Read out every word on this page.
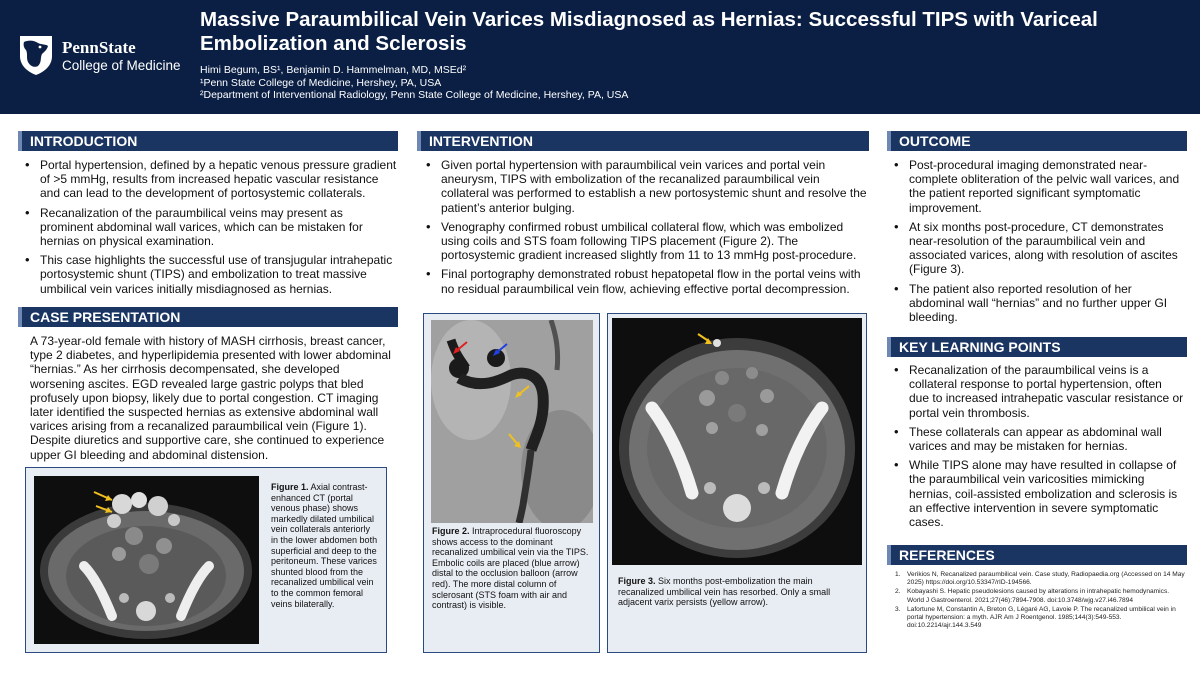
PennState
College of Medicine
Massive Paraumbilical Vein Varices Misdiagnosed as Hernias: Successful TIPS with Variceal Embolization and Sclerosis
Himi Begum, BS¹, Benjamin D. Hammelman, MD, MSEd²
¹Penn State College of Medicine, Hershey, PA, USA
²Department of Interventional Radiology, Penn State College of Medicine, Hershey, PA, USA
INTRODUCTION
• Portal hypertension, defined by a hepatic venous pressure gradient of >5 mmHg, results from increased hepatic vascular resistance and can lead to the development of portosystemic collaterals.
• Recanalization of the paraumbilical veins may present as prominent abdominal wall varices, which can be mistaken for hernias on physical examination.
• This case highlights the successful use of transjugular intrahepatic portosystemic shunt (TIPS) and embolization to treat massive umbilical vein varices initially misdiagnosed as hernias.
CASE PRESENTATION
A 73-year-old female with history of MASH cirrhosis, breast cancer, type 2 diabetes, and hyperlipidemia presented with lower abdominal “hernias.” As her cirrhosis decompensated, she developed worsening ascites. EGD revealed large gastric polyps that bled profusely upon biopsy, likely due to portal congestion. CT imaging later identified the suspected hernias as extensive abdominal wall varices arising from a recanalized paraumbilical vein (Figure 1). Despite diuretics and supportive care, she continued to experience upper GI bleeding and abdominal distension.
Figure 1. Axial contrast-enhanced CT (portal venous phase) shows markedly dilated umbilical vein collaterals anteriorly in the lower abdomen both superficial and deep to the peritoneum. These varices shunted blood from the recanalized umbilical vein to the common femoral veins bilaterally.
INTERVENTION
• Given portal hypertension with paraumbilical vein varices and portal vein aneurysm, TIPS with embolization of the recanalized paraumbilical vein collateral was performed to establish a new portosystemic shunt and resolve the patient’s anterior bulging.
• Venography confirmed robust umbilical collateral flow, which was embolized using coils and STS foam following TIPS placement (Figure 2). The portosystemic gradient increased slightly from 11 to 13 mmHg post-procedure.
• Final portography demonstrated robust hepatopetal flow in the portal veins with no residual paraumbilical vein flow, achieving effective portal decompression.
Figure 2. Intraprocedural fluoroscopy shows access to the dominant recanalized umbilical vein via the TIPS. Embolic coils are placed (blue arrow) distal to the occlusion balloon (arrow red). The more distal column of sclerosant (STS foam with air and contrast) is visible.
Figure 3. Six months post-embolization the main recanalized umbilical vein has resorbed. Only a small adjacent varix persists (yellow arrow).
OUTCOME
• Post-procedural imaging demonstrated near-complete obliteration of the pelvic wall varices, and the patient reported significant symptomatic improvement.
• At six months post-procedure, CT demonstrates near-resolution of the paraumbilical vein and associated varices, along with resolution of ascites (Figure 3).
• The patient also reported resolution of her abdominal wall “hernias” and no further upper GI bleeding.
KEY LEARNING POINTS
• Recanalization of the paraumbilical veins is a collateral response to portal hypertension, often due to increased intrahepatic vascular resistance or portal vein thrombosis.
• These collaterals can appear as abdominal wall varices and may be mistaken for hernias.
• While TIPS alone may have resulted in collapse of the paraumbilical vein varicosities mimicking hernias, coil-assisted embolization and sclerosis is an effective intervention in severe symptomatic cases.
REFERENCES
1. Verikios N, Recanalized paraumbilical vein. Case study, Radiopaedia.org (Accessed on 14 May 2025) https://doi.org/10.53347/rID-194566.
2. Kobayashi S. Hepatic pseudolesions caused by alterations in intrahepatic hemodynamics. World J Gastroenterol. 2021;27(46):7894-7908. doi:10.3748/wjg.v27.i46.7894
3. Lafortune M, Constantin A, Breton G, Légaré AG, Lavoie P. The recanalized umbilical vein in portal hypertension: a myth. AJR Am J Roentgenol. 1985;144(3):549-553. doi:10.2214/ajr.144.3.549
